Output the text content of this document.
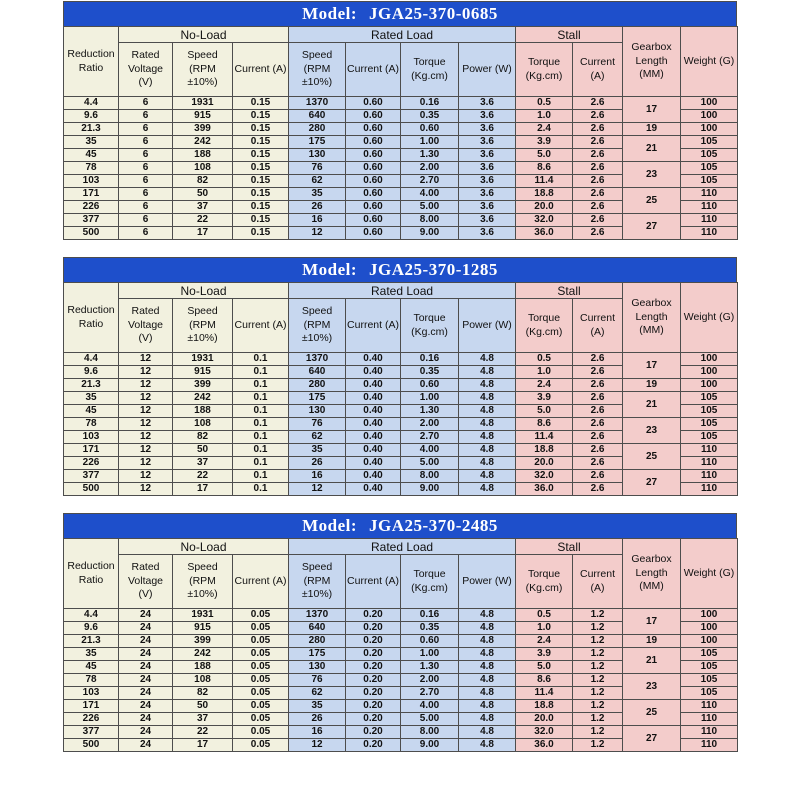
Model: JGA25-370-0685
Reduction Ratio	No-Load			Rated Load				Stall		Gearbox Length (MM)	Weight (G)
	Rated Voltage (V)	Speed (RPM ±10%)	Current (A)	Speed (RPM ±10%)	Current (A)	Torque (Kg.cm)	Power (W)	Torque (Kg.cm)	Current (A)		
4.4	6	1931	0.15	1370	0.60	0.16	3.6	0.5	2.6	17	100
9.6	6	915	0.15	640	0.60	0.35	3.6	1.0	2.6		100
21.3	6	399	0.15	280	0.60	0.60	3.6	2.4	2.6	19	100
35	6	242	0.15	175	0.60	1.00	3.6	3.9	2.6	21	105
45	6	188	0.15	130	0.60	1.30	3.6	5.0	2.6		105
78	6	108	0.15	76	0.60	2.00	3.6	8.6	2.6	23	105
103	6	82	0.15	62	0.60	2.70	3.6	11.4	2.6		105
171	6	50	0.15	35	0.60	4.00	3.6	18.8	2.6	25	110
226	6	37	0.15	26	0.60	5.00	3.6	20.0	2.6		110
377	6	22	0.15	16	0.60	8.00	3.6	32.0	2.6	27	110
500	6	17	0.15	12	0.60	9.00	3.6	36.0	2.6		110
Model: JGA25-370-1285
Reduction Ratio	No-Load			Rated Load				Stall		Gearbox Length (MM)	Weight (G)
	Rated Voltage (V)	Speed (RPM ±10%)	Current (A)	Speed (RPM ±10%)	Current (A)	Torque (Kg.cm)	Power (W)	Torque (Kg.cm)	Current (A)		
4.4	12	1931	0.1	1370	0.40	0.16	4.8	0.5	2.6	17	100
9.6	12	915	0.1	640	0.40	0.35	4.8	1.0	2.6		100
21.3	12	399	0.1	280	0.40	0.60	4.8	2.4	2.6	19	100
35	12	242	0.1	175	0.40	1.00	4.8	3.9	2.6	21	105
45	12	188	0.1	130	0.40	1.30	4.8	5.0	2.6		105
78	12	108	0.1	76	0.40	2.00	4.8	8.6	2.6	23	105
103	12	82	0.1	62	0.40	2.70	4.8	11.4	2.6		105
171	12	50	0.1	35	0.40	4.00	4.8	18.8	2.6	25	110
226	12	37	0.1	26	0.40	5.00	4.8	20.0	2.6		110
377	12	22	0.1	16	0.40	8.00	4.8	32.0	2.6	27	110
500	12	17	0.1	12	0.40	9.00	4.8	36.0	2.6		110
Model: JGA25-370-2485
Reduction Ratio	No-Load			Rated Load				Stall		Gearbox Length (MM)	Weight (G)
	Rated Voltage (V)	Speed (RPM ±10%)	Current (A)	Speed (RPM ±10%)	Current (A)	Torque (Kg.cm)	Power (W)	Torque (Kg.cm)	Current (A)		
4.4	24	1931	0.05	1370	0.20	0.16	4.8	0.5	1.2	17	100
9.6	24	915	0.05	640	0.20	0.35	4.8	1.0	1.2		100
21.3	24	399	0.05	280	0.20	0.60	4.8	2.4	1.2	19	100
35	24	242	0.05	175	0.20	1.00	4.8	3.9	1.2	21	105
45	24	188	0.05	130	0.20	1.30	4.8	5.0	1.2		105
78	24	108	0.05	76	0.20	2.00	4.8	8.6	1.2	23	105
103	24	82	0.05	62	0.20	2.70	4.8	11.4	1.2		105
171	24	50	0.05	35	0.20	4.00	4.8	18.8	1.2	25	110
226	24	37	0.05	26	0.20	5.00	4.8	20.0	1.2		110
377	24	22	0.05	16	0.20	8.00	4.8	32.0	1.2	27	110
500	24	17	0.05	12	0.20	9.00	4.8	36.0	1.2		110
